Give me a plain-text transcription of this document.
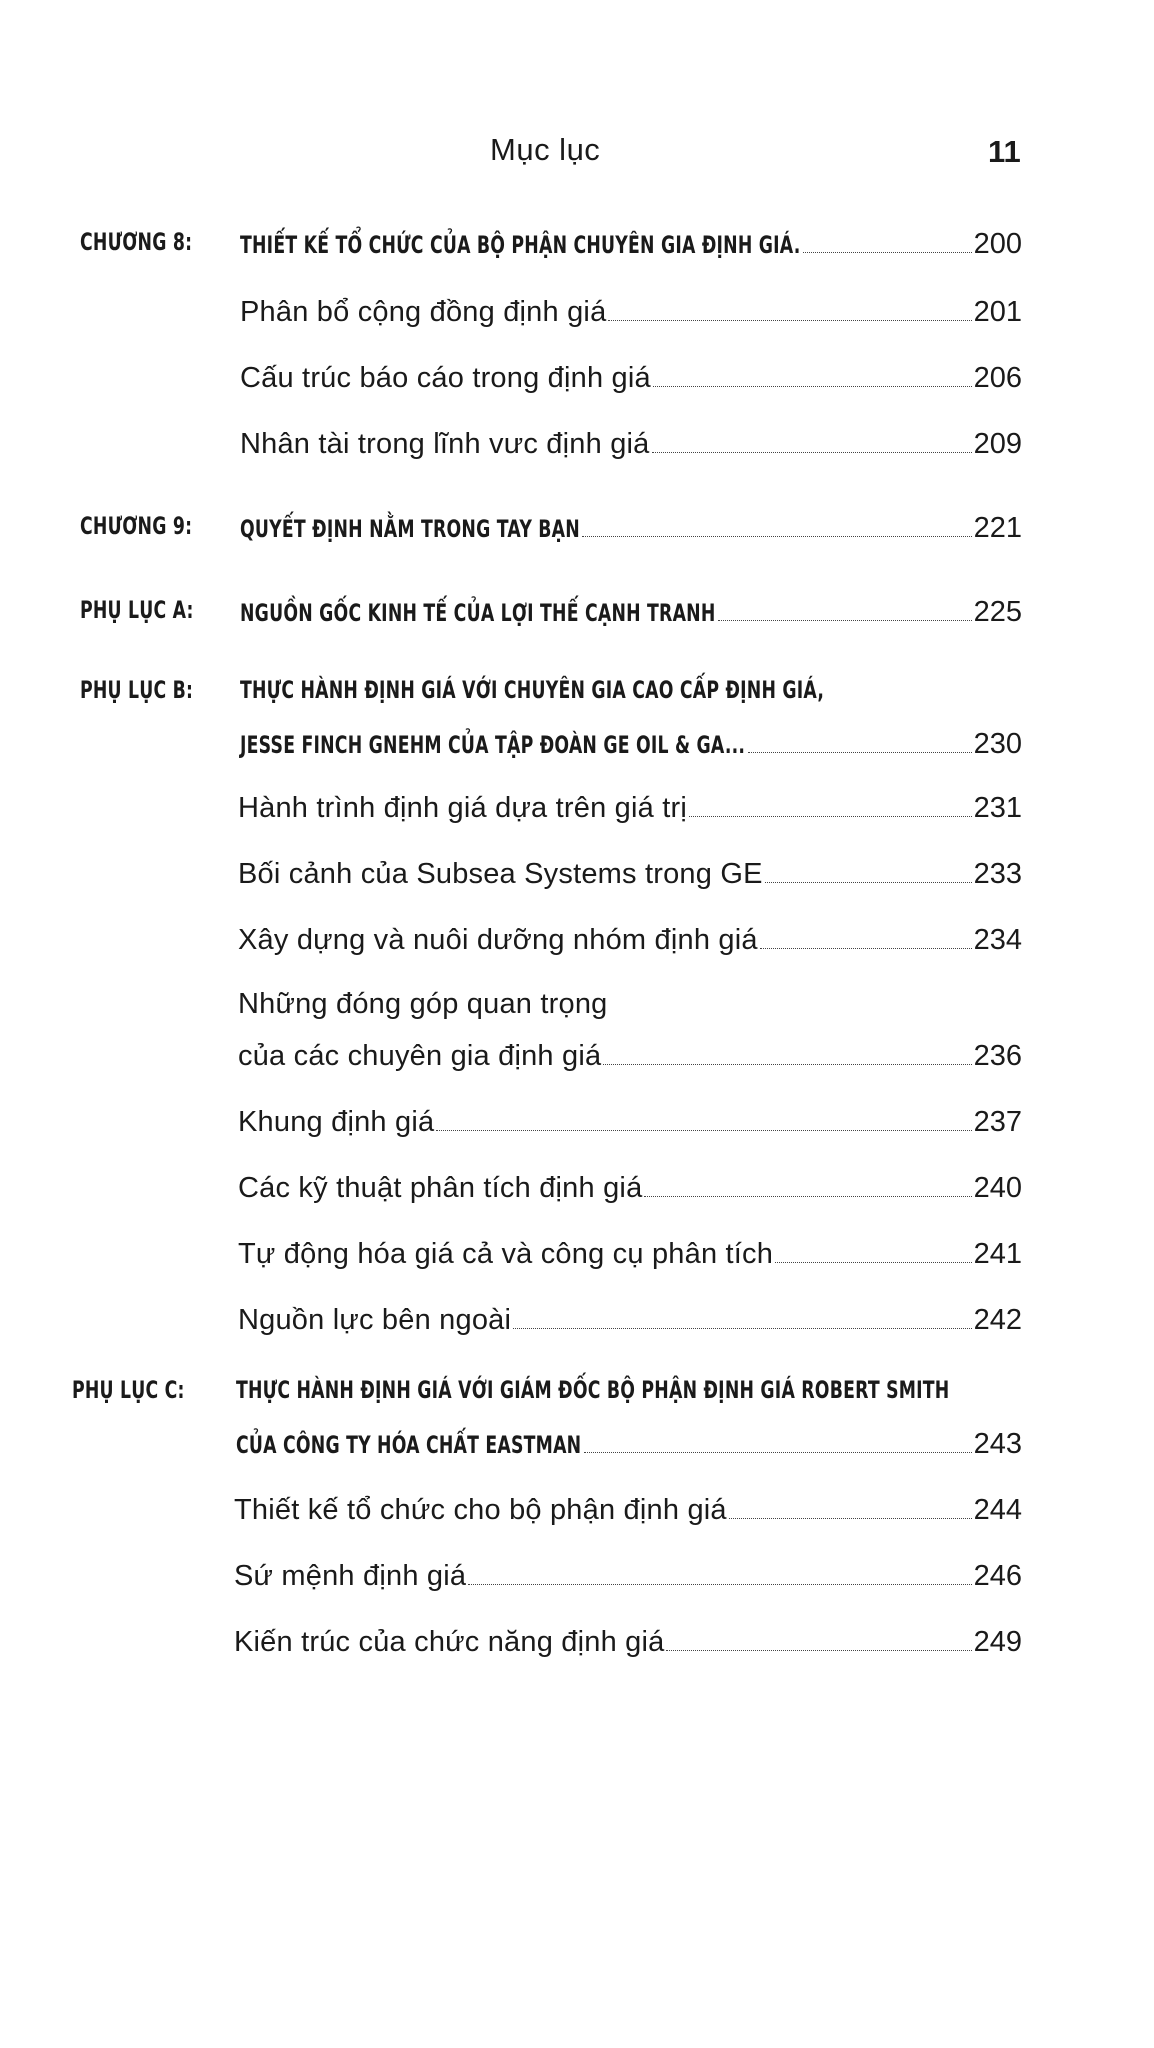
Mục lục	11
CHƯƠNG 8: THIẾT KẾ TỔ CHỨC CỦA BỘ PHẬN CHUYÊN GIA ĐỊNH GIÁ.	200
Phân bổ cộng đồng định giá	201
Cấu trúc báo cáo trong định giá	206
Nhân tài trong lĩnh vưc định giá	209
CHƯƠNG 9: QUYẾT ĐỊNH NẰM TRONG TAY BẠN	221
PHỤ LỤC A: NGUỒN GỐC KINH TẾ CỦA LỢI THẾ CẠNH TRANH	225
PHỤ LỤC B: THỰC HÀNH ĐỊNH GIÁ VỚI CHUYÊN GIA CAO CẤP ĐỊNH GIÁ,
JESSE FINCH GNEHM CỦA TẬP ĐOÀN GE OIL & GA...	230
Hành trình định giá dựa trên giá trị	231
Bối cảnh của Subsea Systems trong GE	233
Xây dựng và nuôi dưỡng nhóm định giá	234
Những đóng góp quan trọng
của các chuyên gia định giá	236
Khung định giá	237
Các kỹ thuật phân tích định giá	240
Tự động hóa giá cả và công cụ phân tích	241
Nguồn lực bên ngoài	242
PHỤ LỤC C: THỰC HÀNH ĐỊNH GIÁ VỚI GIÁM ĐỐC BỘ PHẬN ĐỊNH GIÁ ROBERT SMITH
CỦA CÔNG TY HÓA CHẤT EASTMAN	243
Thiết kế tổ chức cho bộ phận định giá	244
Sứ mệnh định giá	246
Kiến trúc của chức năng định giá	249
